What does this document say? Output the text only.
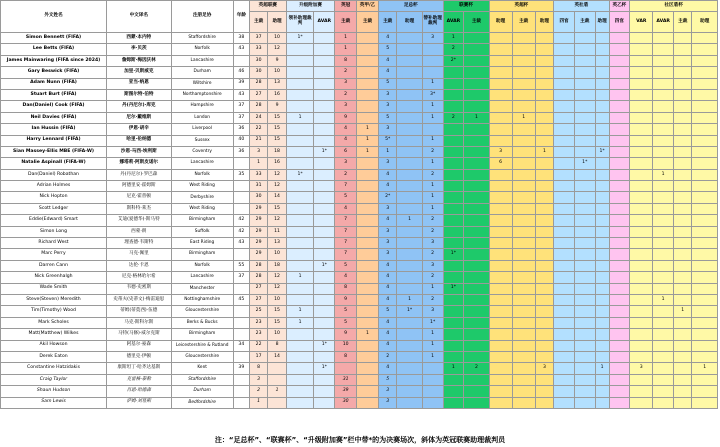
外文姓名	中文译名	注册足协	年龄	英超联赛		升级附加赛		英冠	英甲/乙	足总杯			联赛杯		英超杯			英社盾			英乙杯	社区盾杯			
				主裁	助理	领补助理裁判	AVAR	主裁	主裁	主裁	助理	替补助理裁判	AVAR	主裁	助理	主裁	助理	四官	主裁	助理	四官	VAR	AVAR	主裁	助理
Simon Bennett (FIFA)	西蒙·本内特	Staffordshire	38	37	10	1*		1		4		3	1												
Lee Betts (FIFA)	李·贝茨	Norfolk	43	33	12			1		5			2												
James Mainwaring (FIFA since 2024)	詹姆斯·梅因沃林	Lancashire		30	9			8		4			2*												
Gary Beswick (FIFA)	加里·贝斯威克	Durham	46	30	10			2		4															
Adam Nunn (FIFA)	亚当·纳恩	Wiltshire	39	28	13			3		5		1													
Stuart Burt (FIFA)	斯图尔特·伯特	Northamptonshire	43	27	16			2		3		3*													
Dan(Daniel) Cook (FIFA)	丹(丹尼尔)·库克	Hampshire	37	28	9			3		3		1													
Neil Davies (FIFA)	尼尔·戴维斯	London	37	24	15	1		9		5		1	2	1		1									
Ian Hussin (FIFA)	伊恩·胡辛	Liverpool	36	22	15			4	1	3															
Harry Lennard (FIFA)	哈里·伦纳德	Sussex	40	21	15			4	1	5*		1													
Sian Massey-Ellis MBE (FIFA-W)	沙恩·马西-埃利斯	Coventry	36	3	18		1*	6	1	1		2			3		1			1*					
Natalie Aspinall (FIFA-W)	娜塔莉·阿斯皮诺尔	Lancashire		1	16			3		3		1			6				1*						
Dan(Daniel) Robathan	丹(丹尼尔)·罗巴森	Norfolk	35	33	12	1*		2		4		2											1		
Adrian Holmes	阿德里安·霍姆斯	West Riding		31	12			7		4		1													
Nick Hopton	尼克·霍普顿	Derbyshire		30	14			5		2*		1													
Scott Ledger	斯科特·莱杰	West Riding		29	15			4		3		1													
Eddie(Edward) Smart	艾迪(爱德华)·斯马特	Birmingham	42	29	12			7		4	1	2													
Simon Long	西蒙·朗	Suffolk	42	29	11			7		3		2													
Richard West	理查德·韦斯特	East Riding	43	29	13			7		3		3													
Marc Perry	马克·佩里	Birmingham		29	10			7		3		2	1*												
Darren Cann	达伦·卡恩	Norfolk	55	28	18		1*	5		4		3													
Nick Greenhalgh	尼克·格林哈尔希	Lancashire	37	28	12	1		4		4		2													
Wade Smith	韦德·史密斯	Manchester		27	12			8		4		1	1*												
Steve(Steven) Meredith	史蒂夫(史蒂文)·梅雷迪思	Nottinghamshire	45	27	10			9		4	1	2											1		
Tim(Timothy) Wood	蒂姆(蒂莫西)·伍德	Gloucestershire		25	15	1		5		5	1*	3												1	
Mark Scholes	马克·斯科尔斯	Berks & Bucks		23	15	1		5		4		1*													
Matt(Matthew) Wilkes	马特(马修)·威尔克斯	Birmingham		23	10			9	1	4		1													
Akil Howson	阿基尔·豪森	Leicestershire & Rutland	34	22	8		1*	10		4		1													
Derek Eaton	德里克·伊顿	Gloucestershire		17	14			8		2		1													
Constantine Hatzidakis	康斯坦丁·哈齐达基斯	Kent	39	8			1*			4			1	2			3			1		3			1
Craig Taylor	克雷格·泰勒	Staffordshire		3				31		5															
Shaun Hudson	肖恩·哈德森	Durham		2	1			39		3															
Sam Lewis	萨姆·刘易斯	Bedfordshire		1				30		3															
注：“足总杯”、“联赛杯”、“升级附加赛”栏中带*的为决赛场次，斜体为英冠联赛助理裁判员
